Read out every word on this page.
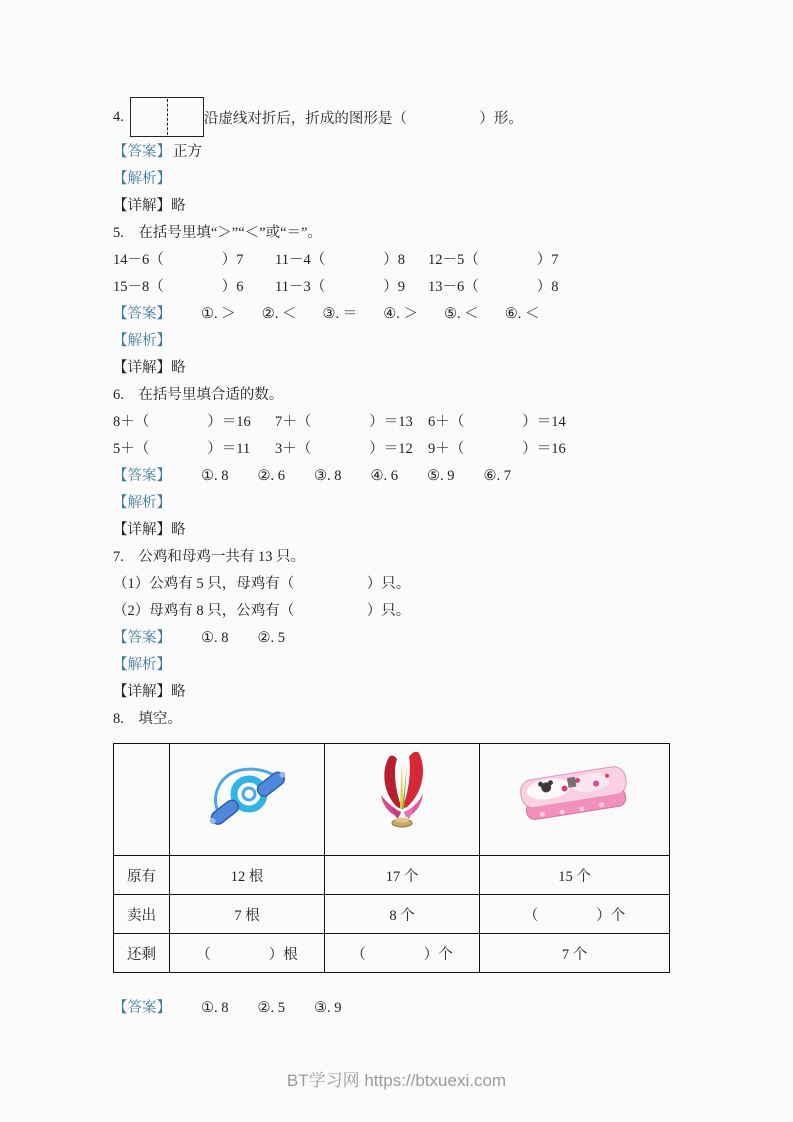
4.	沿虚线对折后，折成的图形是（　　　　　）形。
【答案】 正方
【解析】
【详解】略
5.　 在括号里填“＞”“＜”或“＝”。
14－6（　　　　）7	11－4（　　　　）8	12－5（　　　　）7
15－8（　　　　）6	11－3（　　　　）9	13－6（　　　　）8
【答案】 ①. ＞ ②. ＜ ③. ＝ ④. ＞ ⑤. ＜ ⑥. ＜
【解析】
【详解】略
6.　 在括号里填合适的数。
8＋（　　　　）＝16	7＋（　　　　）＝13	6＋（　　　　）＝14
5＋（　　　　）＝11	3＋（　　　　）＝12	9＋（　　　　）＝16
【答案】 ①. 8 ②. 6 ③. 8 ④. 6 ⑤. 9 ⑥. 7
【解析】
【详解】略
7.　 公鸡和母鸡一共有 13 只。
（1）公鸡有 5 只，母鸡有（　　　　　）只。
（2）母鸡有 8 只，公鸡有（　　　　　）只。
【答案】 ①. 8 ②. 5
【解析】
【详解】略
8.　 填空。

原有	12 根	17 个	15 个
卖出	7 根	8 个	（　　　　）个
还剩	（　　　　）根	（　　　　）个	7 个
【答案】 ①. 8 ②. 5 ③. 9
BT学习网 https://btxuexi.com
